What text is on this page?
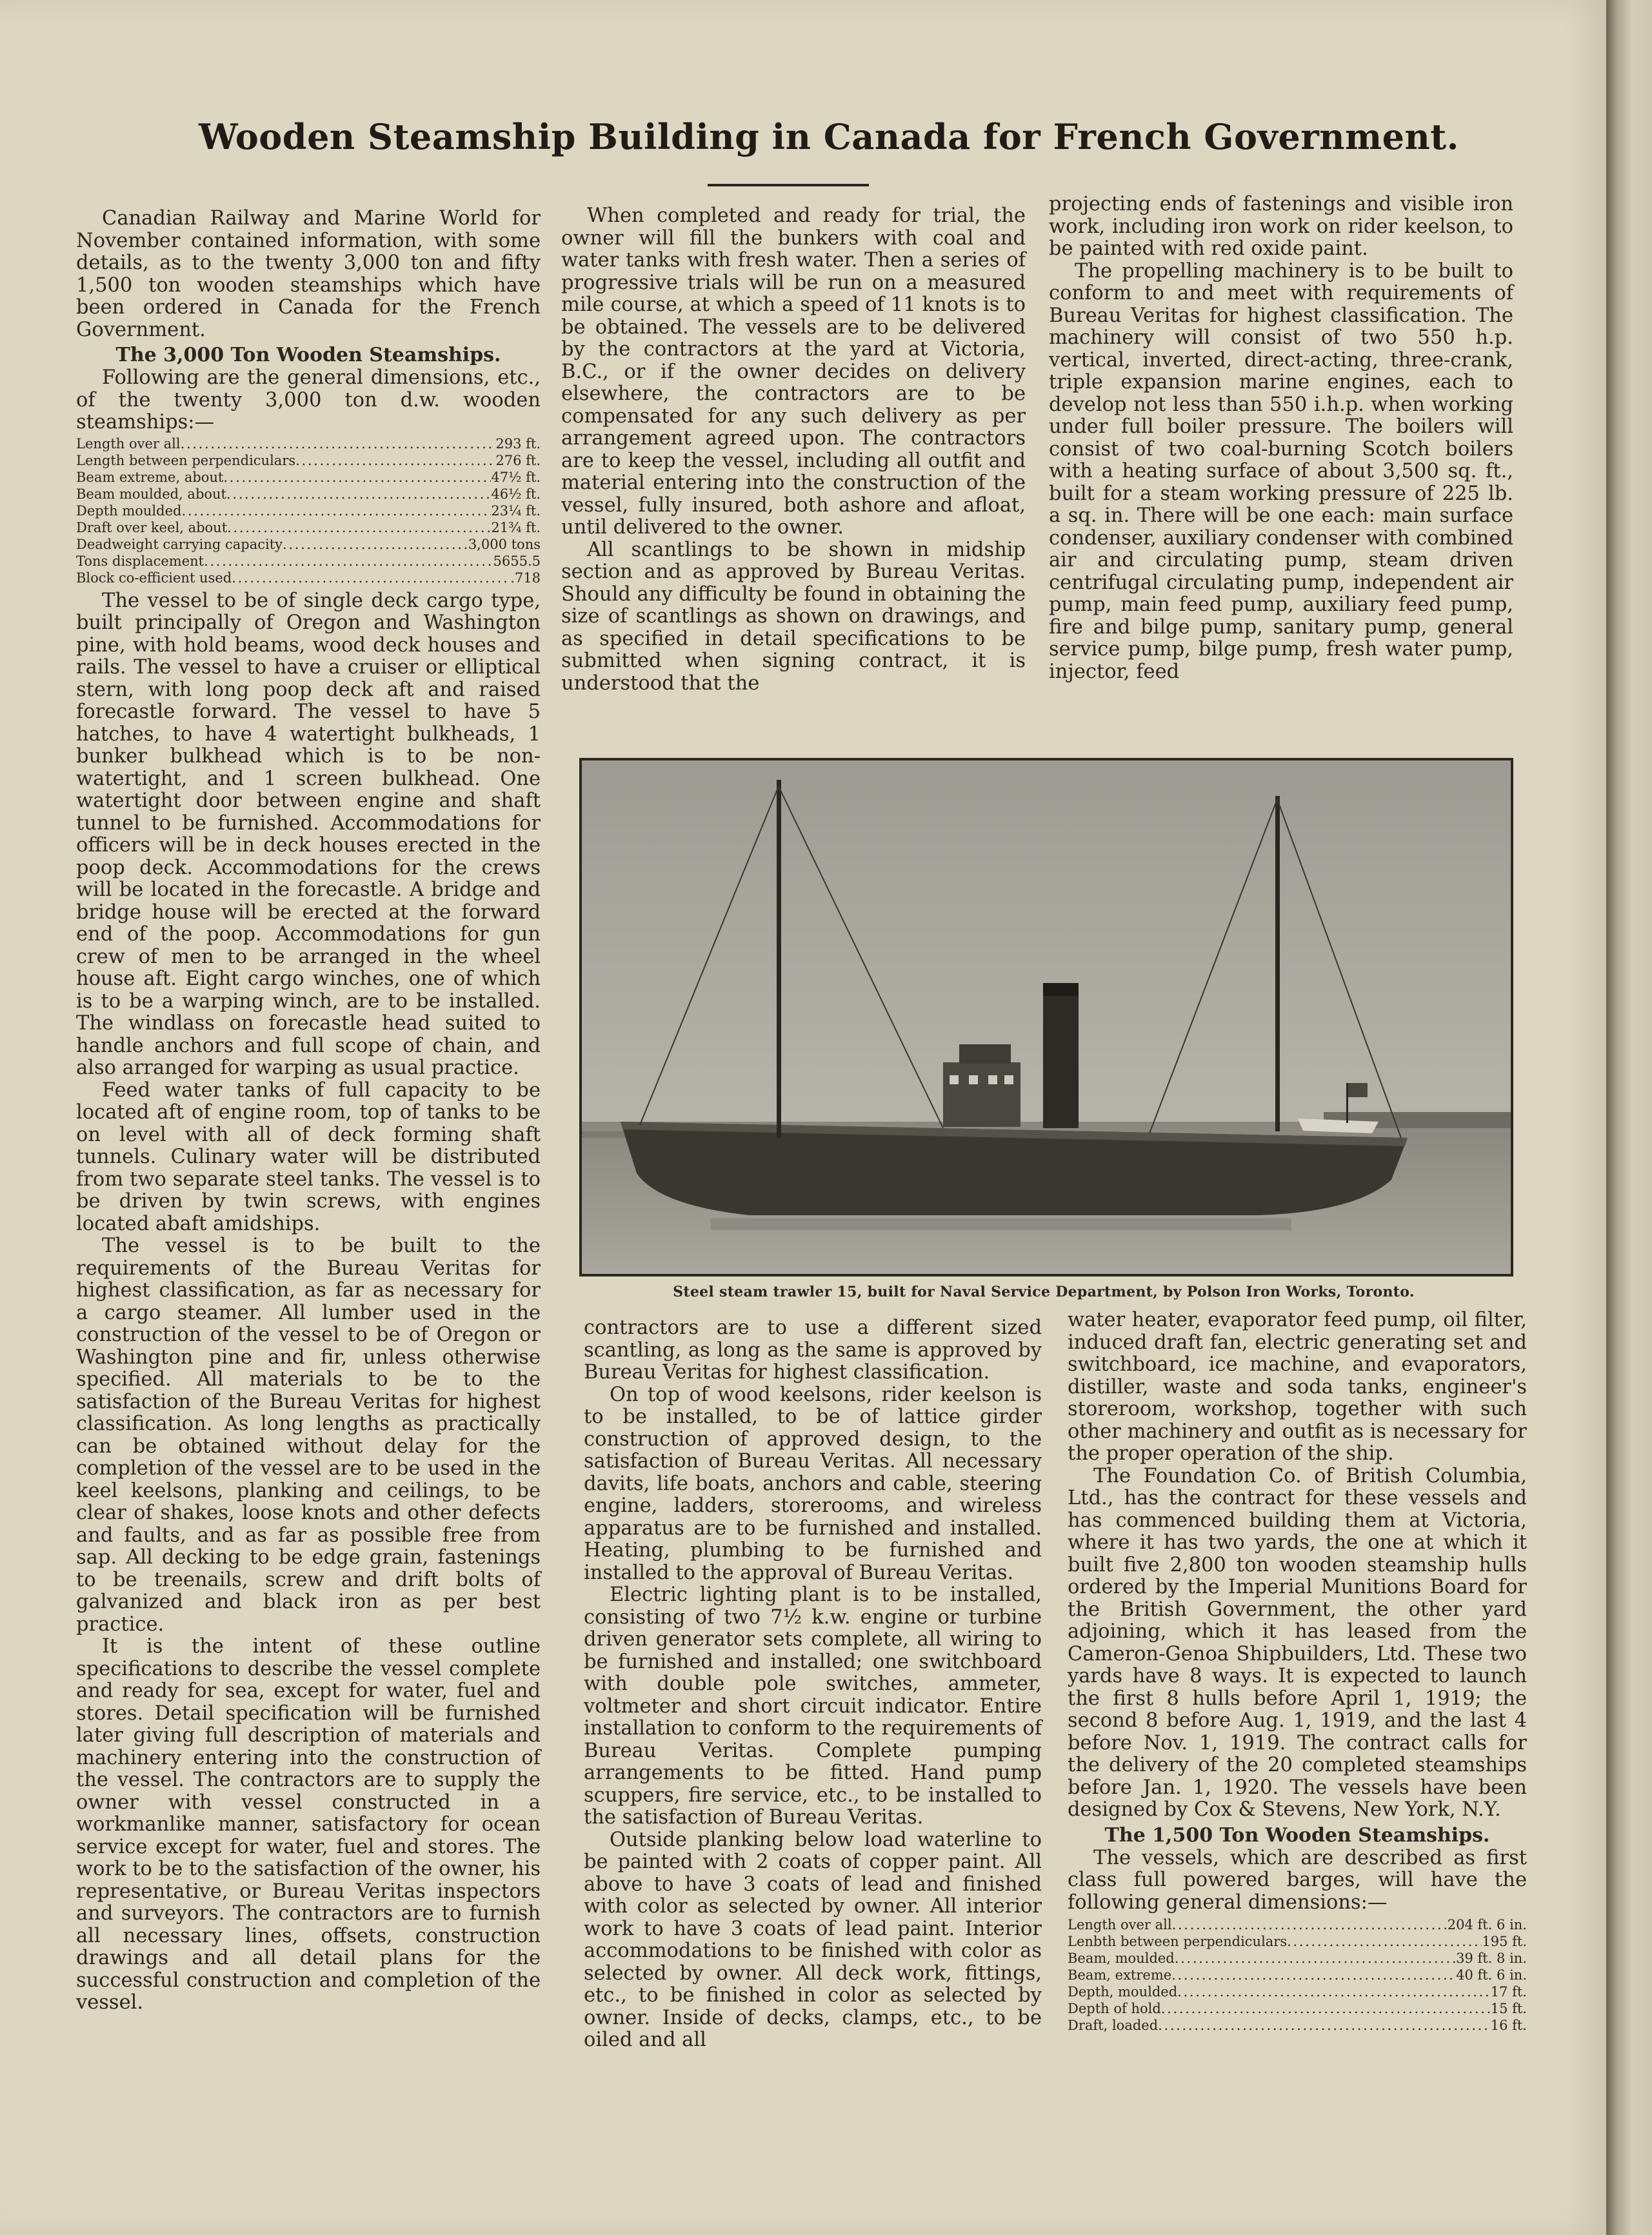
Wooden Steamship Building in Canada for French Government.

Canadian Railway and Marine World for November contained information, with some details, as to the twenty 3,000 ton and fifty 1,500 ton wooden steamships which have been ordered in Canada for the French Government.

The 3,000 Ton Wooden Steamships.

Following are the general dimensions, etc., of the twenty 3,000 ton d.w. wooden steamships:—

Length over all . . .	293 ft.
Length between perpendiculars . . .	276 ft.
Beam extreme, about . . .	47½ ft.
Beam moulded, about . . .	46½ ft.
Depth moulded . . .	23¼ ft.
Draft over keel, about . . .	21¾ ft.
Deadweight carrying capacity . . .	3,000 tons
Tons displacement . . .	5655.5
Block co-efficient used . . .	.718

The vessel to be of single deck cargo type, built principally of Oregon and Washington pine, with hold beams, wood deck houses and rails. The vessel to have a cruiser or elliptical stern, with long poop deck aft and raised forecastle forward. The vessel to have 5 hatches, to have 4 watertight bulkheads, 1 bunker bulkhead which is to be non-watertight, and 1 screen bulkhead. One watertight door between engine and shaft tunnel to be furnished. Accommodations for officers will be in deck houses erected in the poop deck. Accommodations for the crews will be located in the forecastle. A bridge and bridge house will be erected at the forward end of the poop. Accommodations for gun crew of men to be arranged in the wheel house aft. Eight cargo winches, one of which is to be a warping winch, are to be installed. The windlass on forecastle head suited to handle anchors and full scope of chain, and also arranged for warping as usual practice.

Feed water tanks of full capacity to be located aft of engine room, top of tanks to be on level with all of deck forming shaft tunnels. Culinary water will be distributed from two separate steel tanks. The vessel is to be driven by twin screws, with engines located abaft amidships.

The vessel is to be built to the requirements of the Bureau Veritas for highest classification, as far as necessary for a cargo steamer. All lumber used in the construction of the vessel to be of Oregon or Washington pine and fir, unless otherwise specified. All materials to be to the satisfaction of the Bureau Veritas for highest classification. As long lengths as practically can be obtained without delay for the completion of the vessel are to be used in the keel keelsons, planking and ceilings, to be clear of shakes, loose knots and other defects and faults, and as far as possible free from sap. All decking to be edge grain, fastenings to be treenails, screw and drift bolts of galvanized and black iron as per best practice.

It is the intent of these outline specifications to describe the vessel complete and ready for sea, except for water, fuel and stores. Detail specification will be furnished later giving full description of materials and machinery entering into the construction of the vessel. The contractors are to supply the owner with vessel constructed in a workmanlike manner, satisfactory for ocean service except for water, fuel and stores. The work to be to the satisfaction of the owner, his representative, or Bureau Veritas inspectors and surveyors. The contractors are to furnish all necessary lines, offsets, construction drawings and all detail plans for the successful construction and completion of the vessel.

When completed and ready for trial, the owner will fill the bunkers with coal and water tanks with fresh water. Then a series of progressive trials will be run on a measured mile course, at which a speed of 11 knots is to be obtained. The vessels are to be delivered by the contractors at the yard at Victoria, B.C., or if the owner decides on delivery elsewhere, the contractors are to be compensated for any such delivery as per arrangement agreed upon. The contractors are to keep the vessel, including all outfit and material entering into the construction of the vessel, fully insured, both ashore and afloat, until delivered to the owner.

All scantlings to be shown in midship section and as approved by Bureau Veritas. Should any difficulty be found in obtaining the size of scantlings as shown on drawings, and as specified in detail specifications to be submitted when signing contract, it is understood that the

projecting ends of fastenings and visible iron work, including iron work on rider keelson, to be painted with red oxide paint.

The propelling machinery is to be built to conform to and meet with requirements of Bureau Veritas for highest classification. The machinery will consist of two 550 h.p. vertical, inverted, direct-acting, three-crank, triple expansion marine engines, each to develop not less than 550 i.h.p. when working under full boiler pressure. The boilers will consist of two coal-burning Scotch boilers with a heating surface of about 3,500 sq. ft., built for a steam working pressure of 225 lb. a sq. in. There will be one each: main surface condenser, auxiliary condenser with combined air and circulating pump, steam driven centrifugal circulating pump, independent air pump, main feed pump, auxiliary feed pump, fire and bilge pump, sanitary pump, general service pump, bilge pump, fresh water pump, injector, feed

Steel steam trawler 15, built for Naval Service Department, by Polson Iron Works, Toronto.

contractors are to use a different sized scantling, as long as the same is approved by Bureau Veritas for highest classification.

On top of wood keelsons, rider keelson is to be installed, to be of lattice girder construction of approved design, to the satisfaction of Bureau Veritas. All necessary davits, life boats, anchors and cable, steering engine, ladders, storerooms, and wireless apparatus are to be furnished and installed. Heating, plumbing to be furnished and installed to the approval of Bureau Veritas.

Electric lighting plant is to be installed, consisting of two 7½ k.w. engine or turbine driven generator sets complete, all wiring to be furnished and installed; one switchboard with double pole switches, ammeter, voltmeter and short circuit indicator. Entire installation to conform to the requirements of Bureau Veritas. Complete pumping arrangements to be fitted. Hand pump scuppers, fire service, etc., to be installed to the satisfaction of Bureau Veritas.

Outside planking below load waterline to be painted with 2 coats of copper paint. All above to have 3 coats of lead and finished with color as selected by owner. All interior work to have 3 coats of lead paint. Interior accommodations to be finished with color as selected by owner. All deck work, fittings, etc., to be finished in color as selected by owner. Inside of decks, clamps, etc., to be oiled and all

water heater, evaporator feed pump, oil filter, induced draft fan, electric generating set and switchboard, ice machine, and evaporators, distiller, waste and soda tanks, engineer's storeroom, workshop, together with such other machinery and outfit as is necessary for the proper operation of the ship.

The Foundation Co. of British Columbia, Ltd., has the contract for these vessels and has commenced building them at Victoria, where it has two yards, the one at which it built five 2,800 ton wooden steamship hulls ordered by the Imperial Munitions Board for the British Government, the other yard adjoining, which it has leased from the Cameron-Genoa Shipbuilders, Ltd. These two yards have 8 ways. It is expected to launch the first 8 hulls before April 1, 1919; the second 8 before Aug. 1, 1919, and the last 4 before Nov. 1, 1919. The contract calls for the delivery of the 20 completed steamships before Jan. 1, 1920. The vessels have been designed by Cox & Stevens, New York, N.Y.

The 1,500 Ton Wooden Steamships.

The vessels, which are described as first class full powered barges, will have the following general dimensions:—

Length over all . . .	204 ft. 6 in.
Lenbth between perpendiculars . . .	195 ft.
Beam, moulded . . .	39 ft. 8 in.
Beam, extreme . . .	40 ft. 6 in.
Depth, moulded . . .	17 ft.
Depth of hold . . .	15 ft.
Draft, loaded . . .	16 ft.
